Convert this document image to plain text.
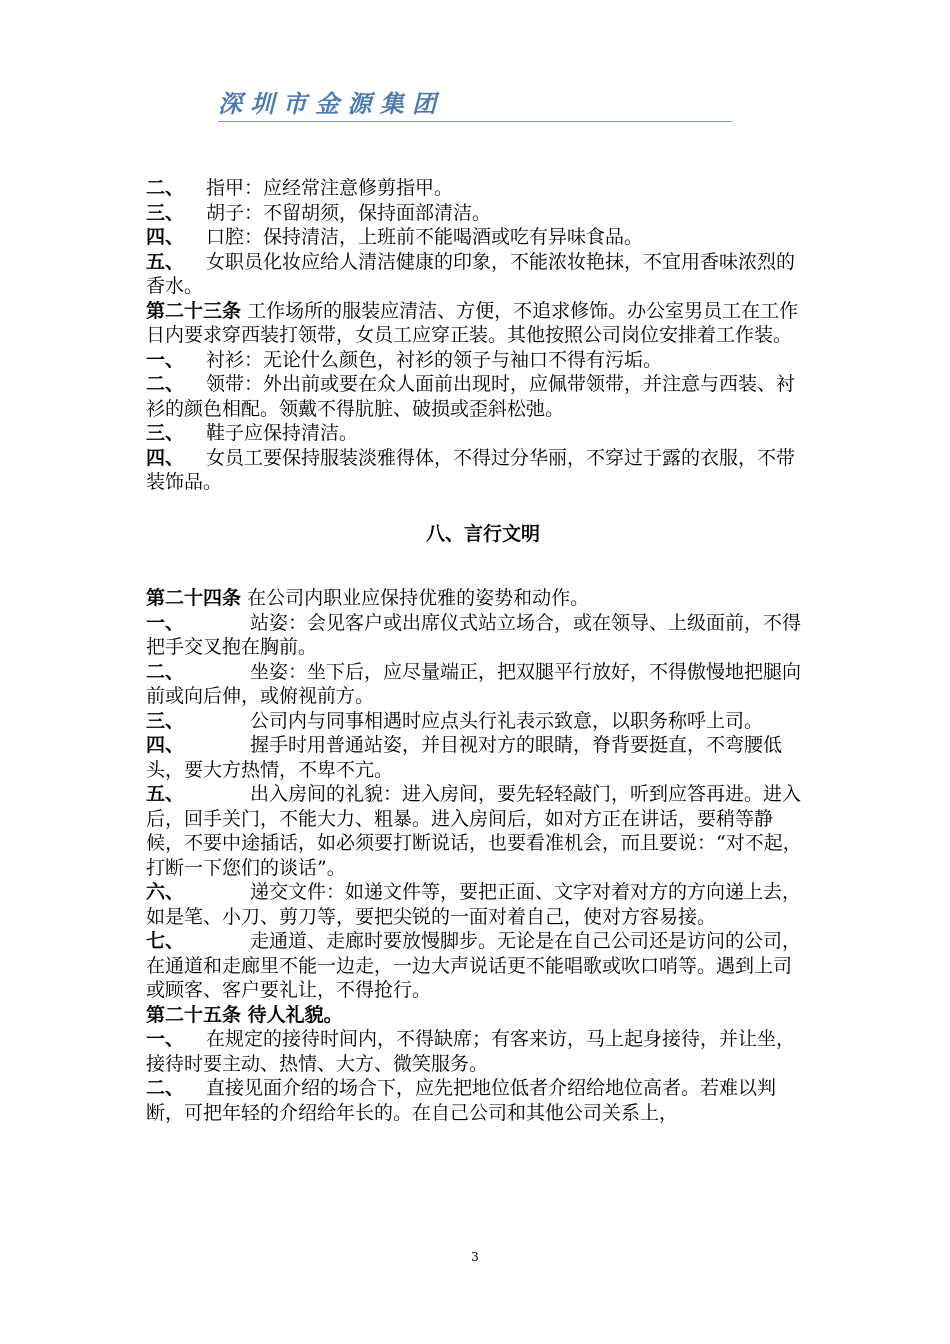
深 圳 市 金 源 集 团

二、 指甲：应经常注意修剪指甲。

三、 胡子：不留胡须，保持面部清洁。

四、 口腔：保持清洁，上班前不能喝酒或吃有异味食品。

五、 女职员化妆应给人清洁健康的印象，不能浓妆艳抹，不宜用香味浓烈的香水。

第二十三条 工作场所的服装应清洁、方便，不追求修饰。办公室男员工在工作日内要求穿西装打领带，女员工应穿正装。其他按照公司岗位安排着工作装。

一、 衬衫：无论什么颜色，衬衫的领子与袖口不得有污垢。

二、 领带：外出前或要在众人面前出现时，应佩带领带，并注意与西装、衬衫的颜色相配。领戴不得肮脏、破损或歪斜松弛。

三、 鞋子应保持清洁。

四、 女员工要保持服装淡雅得体，不得过分华丽，不穿过于露的衣服，不带装饰品。

八、言行文明

第二十四条 在公司内职业应保持优雅的姿势和动作。

一、	站姿：会见客户或出席仪式站立场合，或在领导、上级面前，不得把手交叉抱在胸前。

二、	坐姿：坐下后，应尽量端正，把双腿平行放好，不得傲慢地把腿向前或向后伸，或俯视前方。

三、	公司内与同事相遇时应点头行礼表示致意，以职务称呼上司。

四、	握手时用普通站姿，并目视对方的眼睛，脊背要挺直，不弯腰低头，要大方热情，不卑不亢。

五、	出入房间的礼貌：进入房间，要先轻轻敲门，听到应答再进。进入后，回手关门，不能大力、粗暴。进入房间后，如对方正在讲话，要稍等静候，不要中途插话，如必须要打断说话，也要看准机会，而且要说：“对不起，打断一下您们的谈话”。

六、	递交文件：如递文件等，要把正面、文字对着对方的方向递上去，如是笔、小刀、剪刀等，要把尖锐的一面对着自己，使对方容易接。

七、	走通道、走廊时要放慢脚步。无论是在自己公司还是访问的公司，在通道和走廊里不能一边走，一边大声说话更不能唱歌或吹口哨等。遇到上司或顾客、客户要礼让，不得抢行。

第二十五条 待人礼貌。

一、 在规定的接待时间内，不得缺席；有客来访，马上起身接待，并让坐，接待时要主动、热情、大方、微笑服务。

二、 直接见面介绍的场合下，应先把地位低者介绍给地位高者。若难以判断，可把年轻的介绍给年长的。在自己公司和其他公司关系上，

3
